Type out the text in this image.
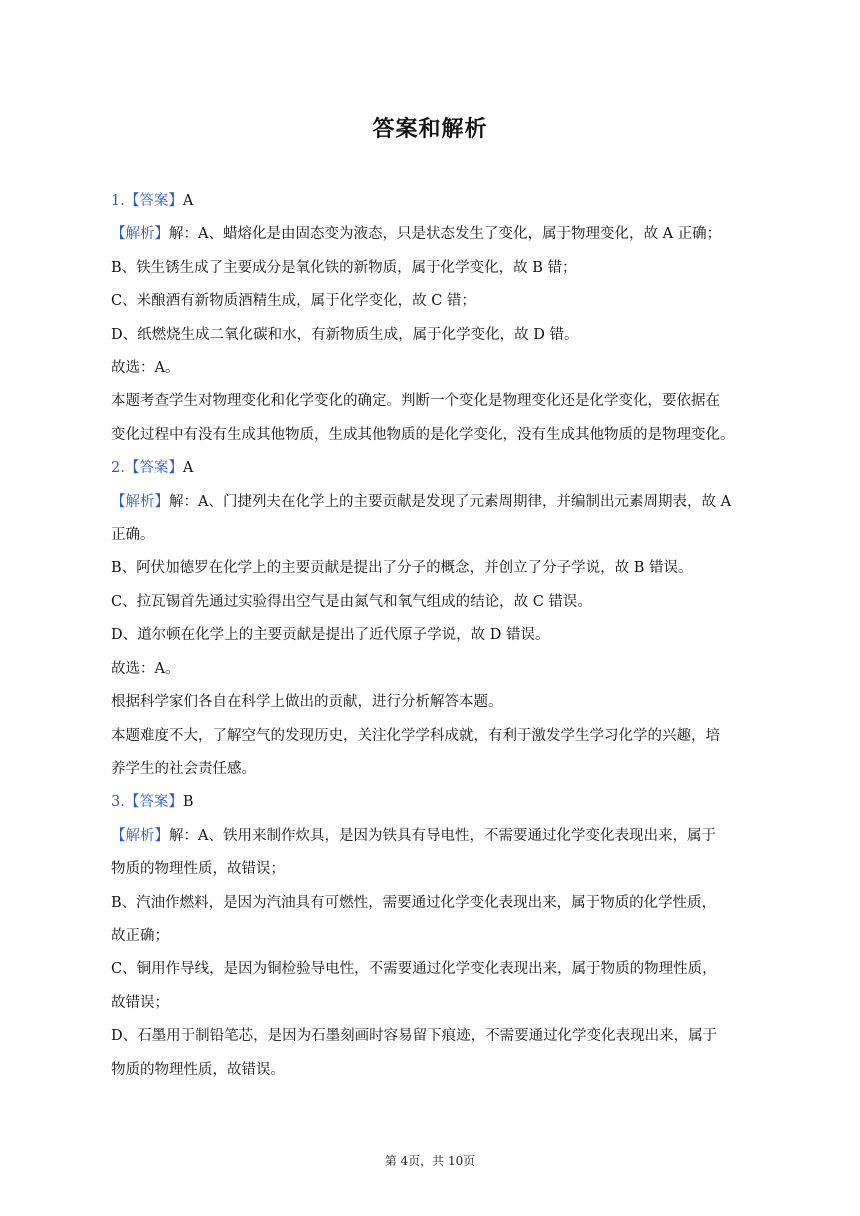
答案和解析
1.【答案】A
【解析】解：A、蜡熔化是由固态变为液态，只是状态发生了变化，属于物理变化，故 A 正确；
B、铁生锈生成了主要成分是氧化铁的新物质，属于化学变化，故 B 错；
C、米酿酒有新物质酒精生成，属于化学变化，故 C 错；
D、纸燃烧生成二氧化碳和水，有新物质生成，属于化学变化，故 D 错。
故选：A。
本题考查学生对物理变化和化学变化的确定。判断一个变化是物理变化还是化学变化，要依据在
变化过程中有没有生成其他物质，生成其他物质的是化学变化，没有生成其他物质的是物理变化。
2.【答案】A
【解析】解：A、门捷列夫在化学上的主要贡献是发现了元素周期律，并编制出元素周期表，故 A
正确。
B、阿伏加德罗在化学上的主要贡献是提出了分子的概念，并创立了分子学说，故 B 错误。
C、拉瓦锡首先通过实验得出空气是由氮气和氧气组成的结论，故 C 错误。
D、道尔顿在化学上的主要贡献是提出了近代原子学说，故 D 错误。
故选：A。
根据科学家们各自在科学上做出的贡献，进行分析解答本题。
本题难度不大，了解空气的发现历史，关注化学学科成就，有利于激发学生学习化学的兴趣，培
养学生的社会责任感。
3.【答案】B
【解析】解：A、铁用来制作炊具，是因为铁具有导电性，不需要通过化学变化表现出来，属于
物质的物理性质，故错误；
B、汽油作燃料，是因为汽油具有可燃性，需要通过化学变化表现出来，属于物质的化学性质，
故正确；
C、铜用作导线，是因为铜检验导电性，不需要通过化学变化表现出来，属于物质的物理性质，
故错误；
D、石墨用于制铅笔芯，是因为石墨刻画时容易留下痕迹，不需要通过化学变化表现出来，属于
物质的物理性质，故错误。
第 4页，共 10页
